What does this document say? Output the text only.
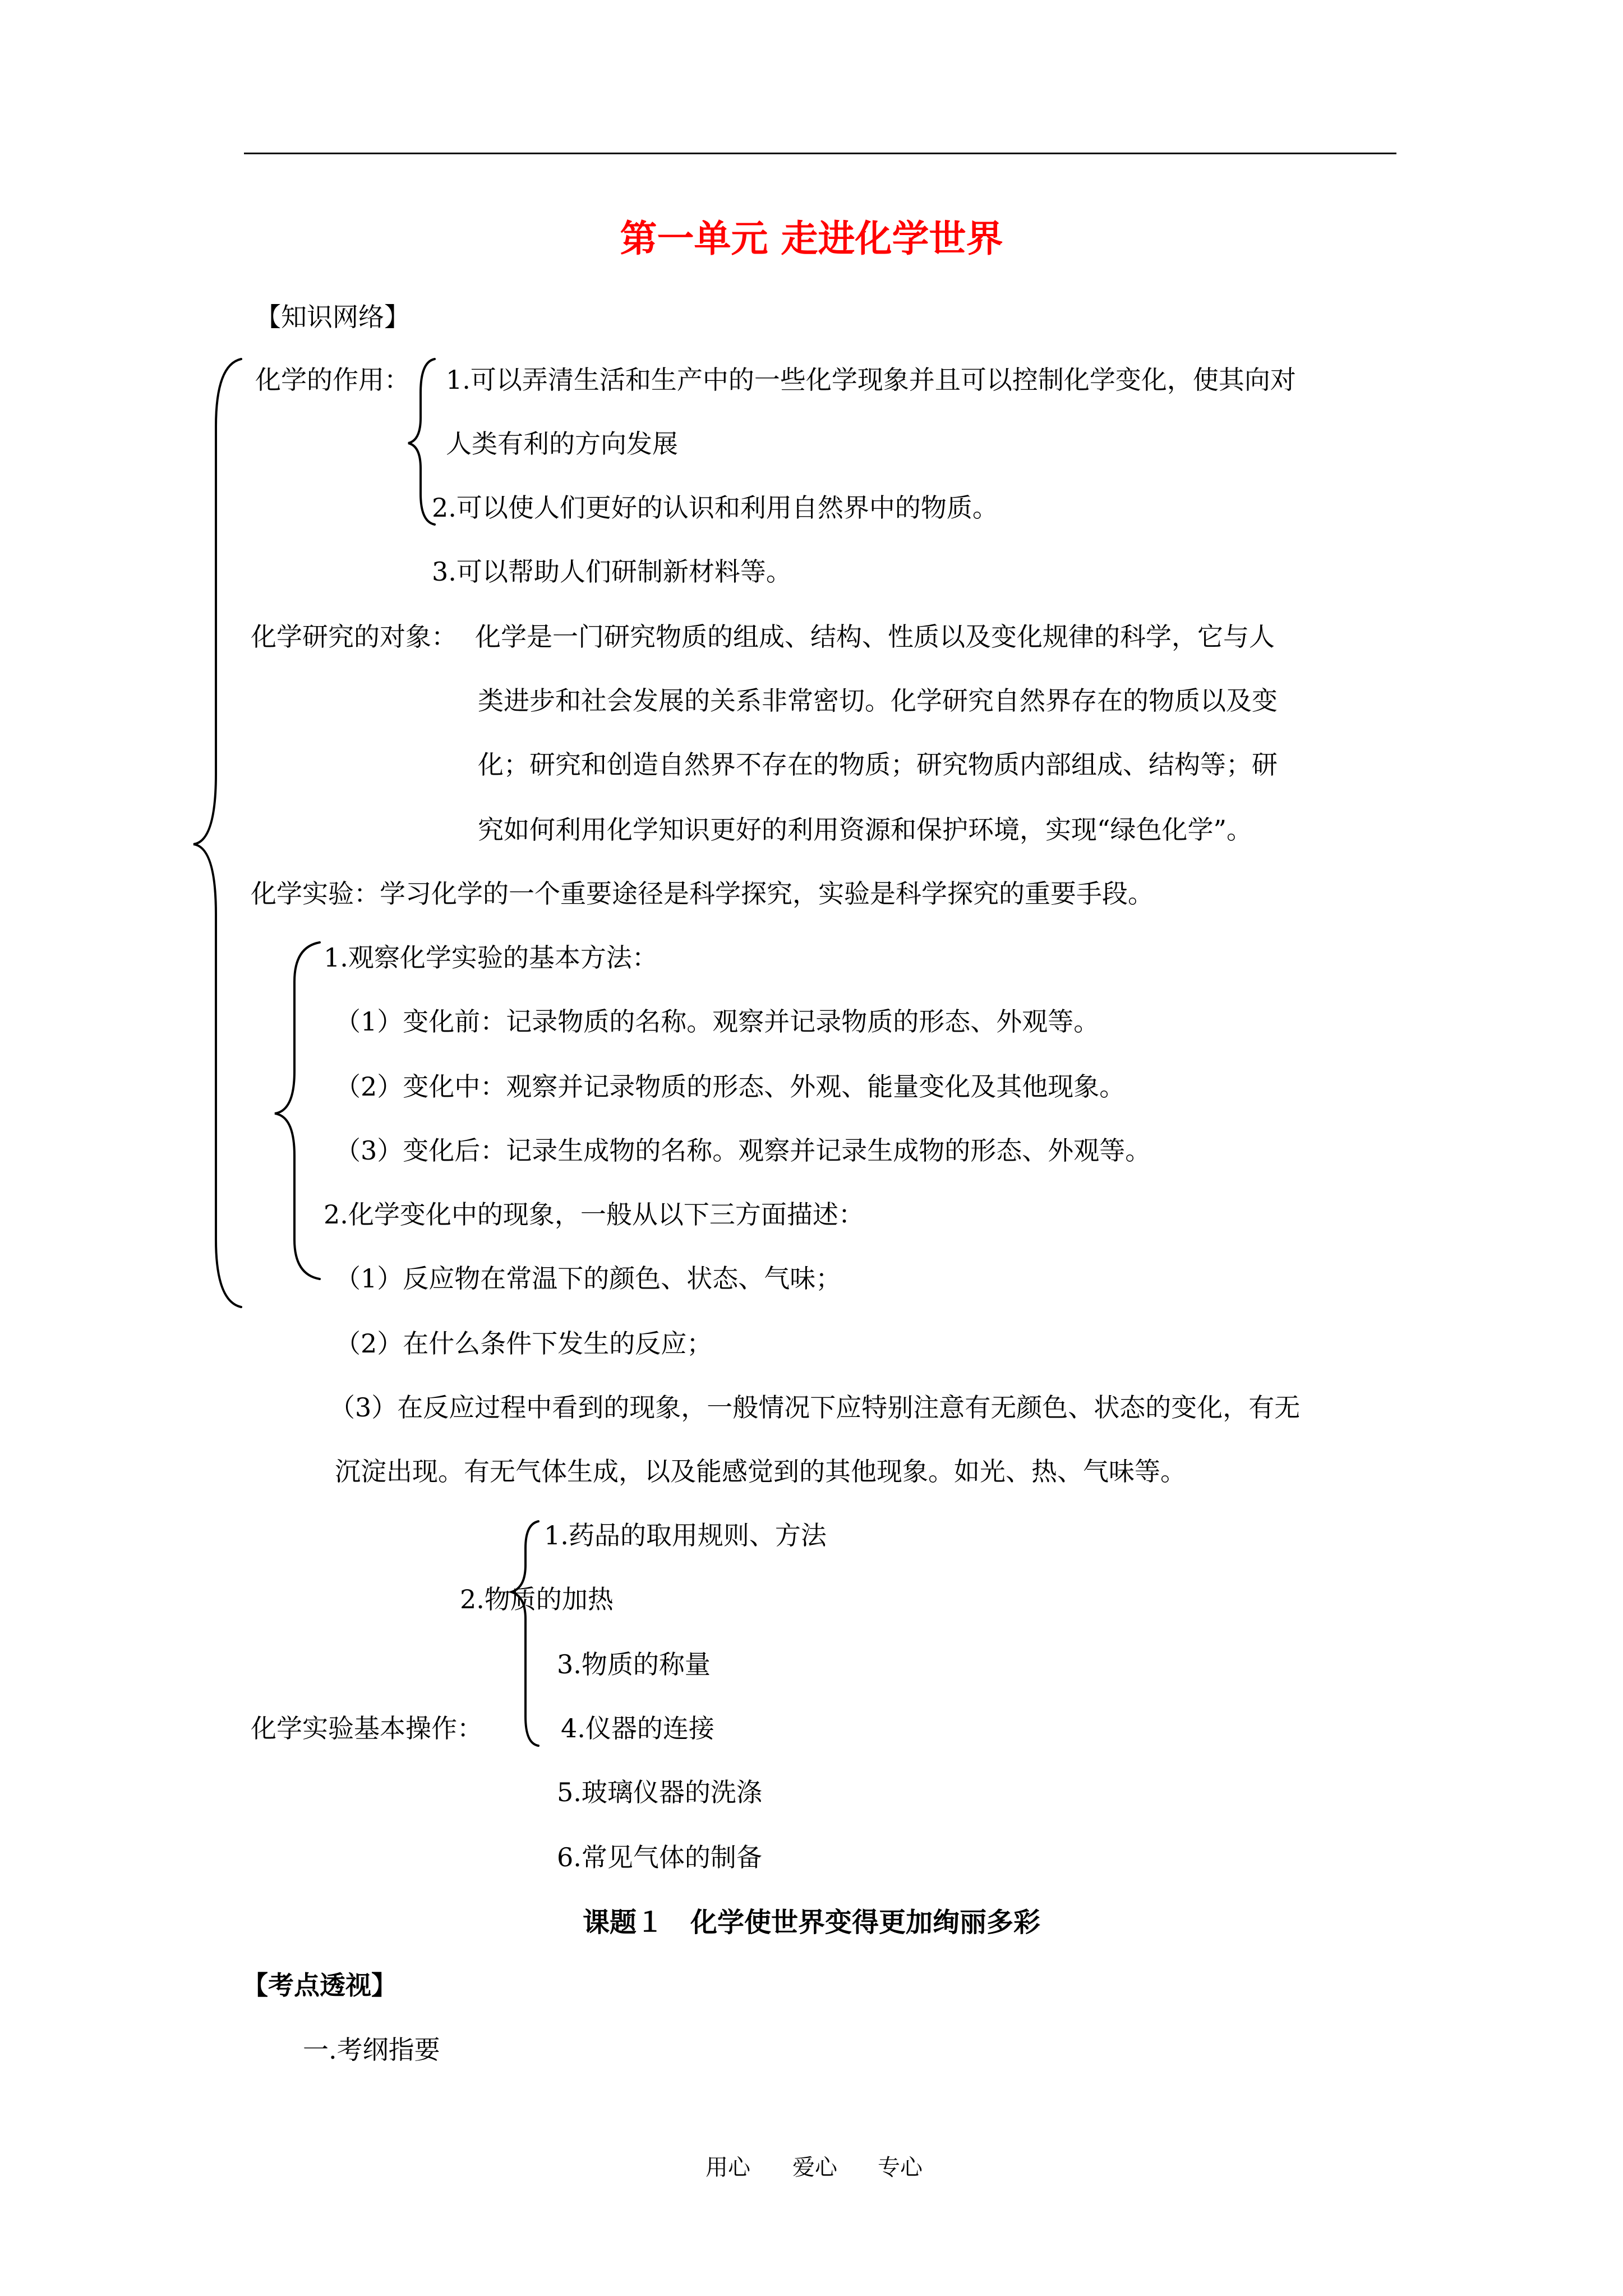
第一单元 走进化学世界
【知识网络】
化学的作用： 1.可以弄清生活和生产中的一些化学现象并且可以控制化学变化，使其向对
人类有利的方向发展
2.可以使人们更好的认识和利用自然界中的物质。
3.可以帮助人们研制新材料等。
化学研究的对象： 化学是一门研究物质的组成、结构、性质以及变化规律的科学，它与人
类进步和社会发展的关系非常密切。化学研究自然界存在的物质以及变
化；研究和创造自然界不存在的物质；研究物质内部组成、结构等；研
究如何利用化学知识更好的利用资源和保护环境，实现“绿色化学”。
化学实验：学习化学的一个重要途径是科学探究，实验是科学探究的重要手段。
1.观察化学实验的基本方法：
（1）变化前：记录物质的名称。观察并记录物质的形态、外观等。
（2）变化中：观察并记录物质的形态、外观、能量变化及其他现象。
（3）变化后：记录生成物的名称。观察并记录生成物的形态、外观等。
2.化学变化中的现象，一般从以下三方面描述：
（1）反应物在常温下的颜色、状态、气味；
（2）在什么条件下发生的反应；
（3）在反应过程中看到的现象，一般情况下应特别注意有无颜色、状态的变化，有无
沉淀出现。有无气体生成，以及能感觉到的其他现象。如光、热、气味等。
1.药品的取用规则、方法
2.物质的加热
3.物质的称量
化学实验基本操作：	4.仪器的连接
5.玻璃仪器的洗涤
6.常见气体的制备
课题１　化学使世界变得更加绚丽多彩
【考点透视】
一.考纲指要
用心 爱心 专心
